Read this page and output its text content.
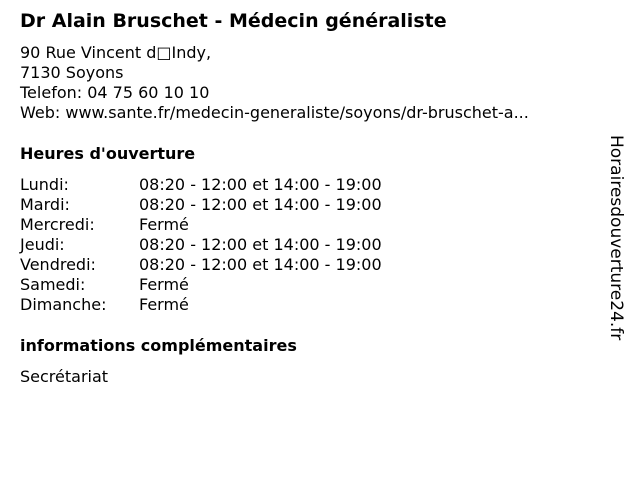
Dr Alain Bruschet - Médecin généraliste
90 Rue Vincent d□Indy,
7130 Soyons
Telefon: 04 75 60 10 10
Web: www.sante.fr/medecin-generaliste/soyons/dr-bruschet-a...
Heures d'ouverture
Lundi:	08:20 - 12:00 et 14:00 - 19:00
Mardi:	08:20 - 12:00 et 14:00 - 19:00
Mercredi:	Fermé
Jeudi:	08:20 - 12:00 et 14:00 - 19:00
Vendredi:	08:20 - 12:00 et 14:00 - 19:00
Samedi:	Fermé
Dimanche:	Fermé
informations complémentaires
Secrétariat
Horairesdouverture24.fr
